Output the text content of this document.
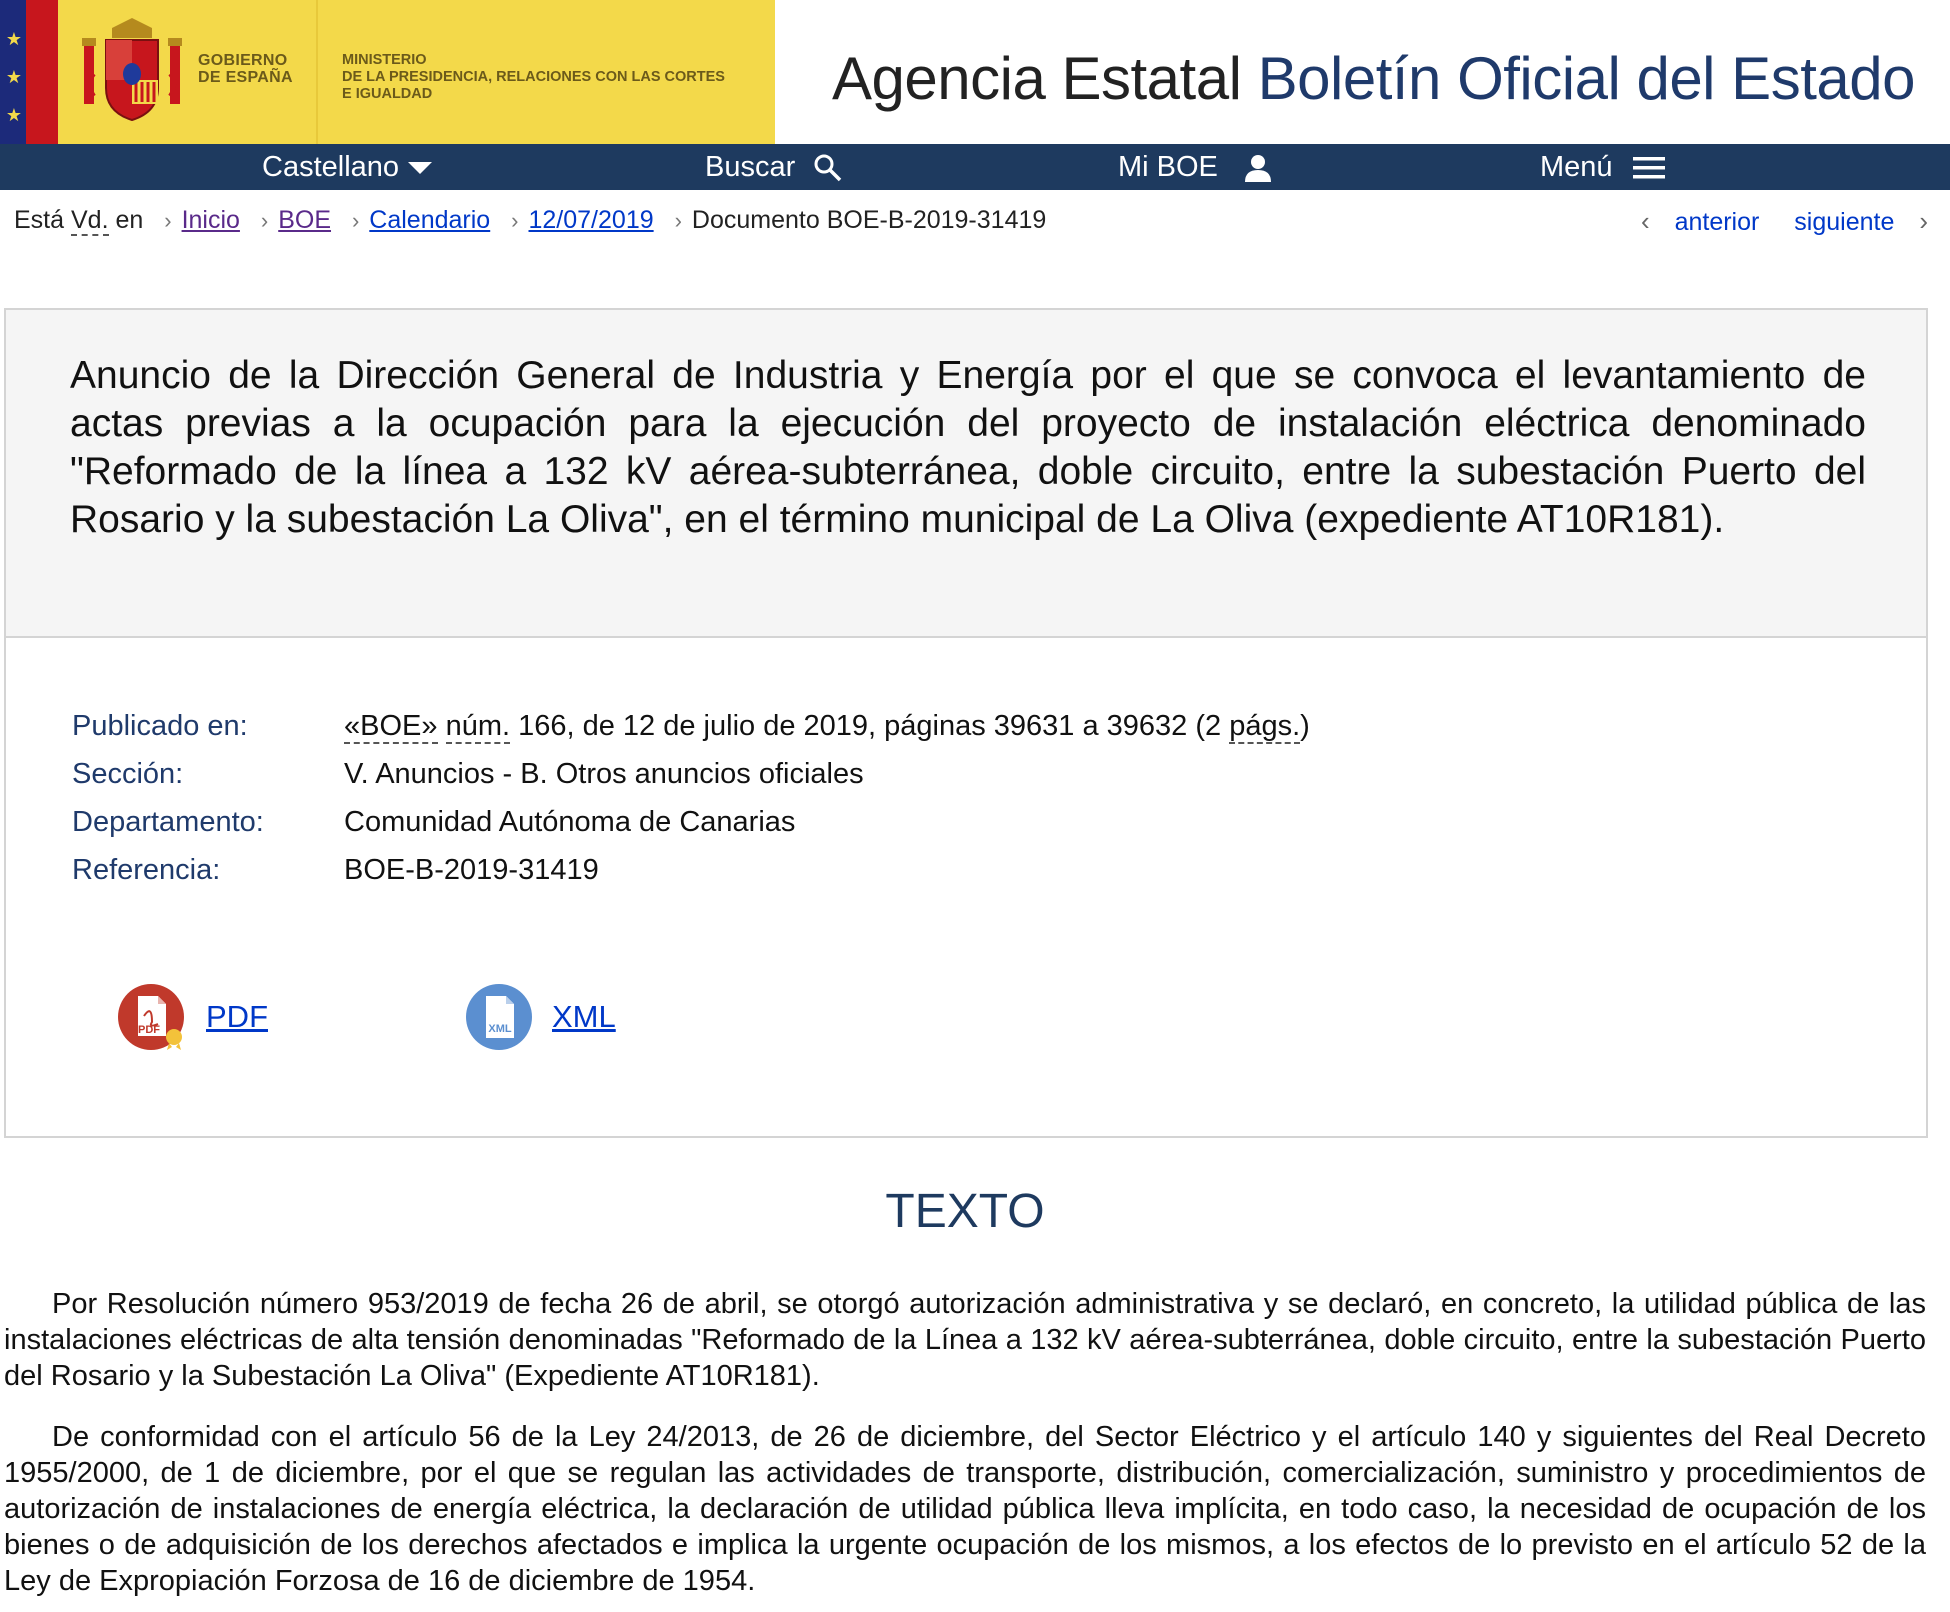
★
★
★
GOBIERNO
DE ESPAÑA
MINISTERIO
DE LA PRESIDENCIA, RELACIONES CON LAS CORTES
E IGUALDAD	Agencia Estatal Boletín Oficial del Estado
Castellano	Buscar	Mi BOE	Menú
Está Vd. en › Inicio › BOE › Calendario › 12/07/2019 › Documento BOE-B-2019-31419	‹ anterior siguiente ›
Anuncio de la Dirección General de Industria y Energía por el que se convoca el levantamiento de actas previas a la ocupación para la ejecución del proyecto de instalación eléctrica denominado "Reformado de la línea a 132 kV aérea-subterránea, doble circuito, entre la subestación Puerto del Rosario y la subestación La Oliva", en el término municipal de La Oliva (expediente AT10R181).
Publicado en:	«BOE» núm. 166, de 12 de julio de 2019, páginas 39631 a 39632 (2 págs.)
Sección:	V. Anuncios - B. Otros anuncios oficiales
Departamento:	Comunidad Autónoma de Canarias
Referencia:	BOE-B-2019-31419
PDF PDF	XML XML
TEXTO

Por Resolución número 953/2019 de fecha 26 de abril, se otorgó autorización administrativa y se declaró, en concreto, la utilidad pública de las instalaciones eléctricas de alta tensión denominadas "Reformado de la Línea a 132 kV aérea-subterránea, doble circuito, entre la subestación Puerto del Rosario y la Subestación La Oliva" (Expediente AT10R181).

De conformidad con el artículo 56 de la Ley 24/2013, de 26 de diciembre, del Sector Eléctrico y el artículo 140 y siguientes del Real Decreto 1955/2000, de 1 de diciembre, por el que se regulan las actividades de transporte, distribución, comercialización, suministro y procedimientos de autorización de instalaciones de energía eléctrica, la declaración de utilidad pública lleva implícita, en todo caso, la necesidad de ocupación de los bienes o de adquisición de los derechos afectados e implica la urgente ocupación de los mismos, a los efectos de lo previsto en el artículo 52 de la Ley de Expropiación Forzosa de 16 de diciembre de 1954.
